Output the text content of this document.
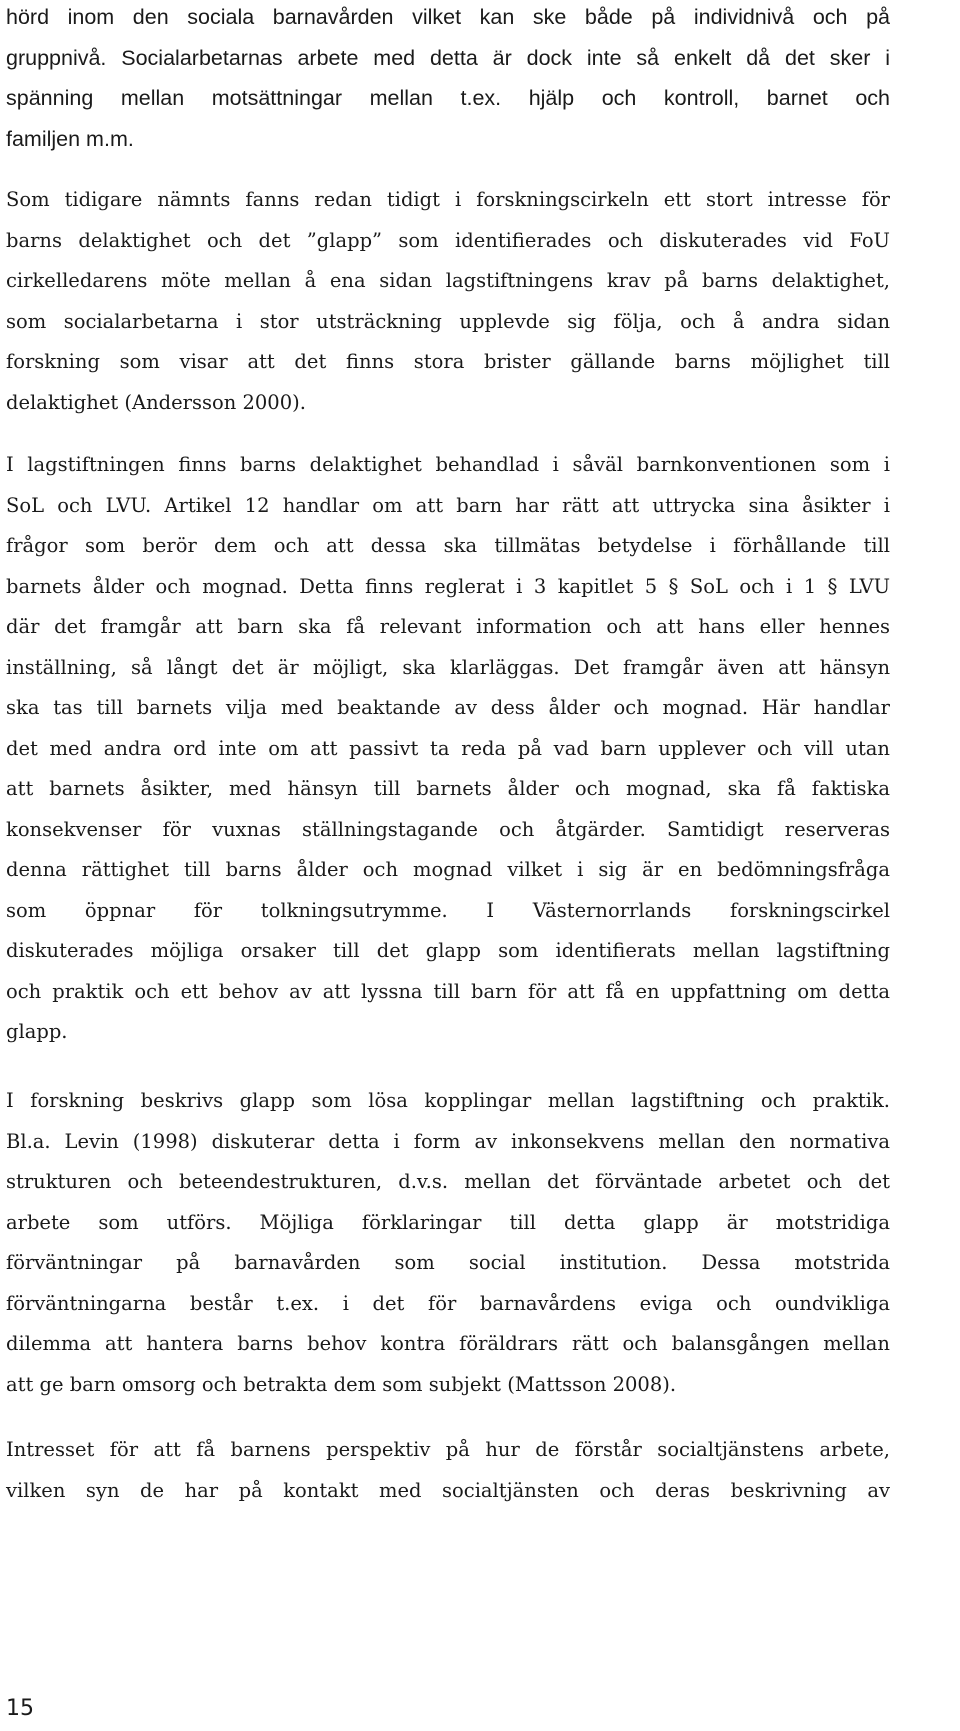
hörd inom den sociala barnavården vilket kan ske både på individnivå och på
gruppnivå. Socialarbetarnas arbete med detta är dock inte så enkelt då det sker i
spänning mellan motsättningar mellan t.ex. hjälp och kontroll, barnet och
familjen m.m.
Som tidigare nämnts fanns redan tidigt i forskningscirkeln ett stort intresse för
barns delaktighet och det ”glapp” som identifierades och diskuterades vid FoU
cirkelledarens möte mellan å ena sidan lagstiftningens krav på barns delaktighet,
som socialarbetarna i stor utsträckning upplevde sig följa, och å andra sidan
forskning som visar att det finns stora brister gällande barns möjlighet till
delaktighet (Andersson 2000).
I lagstiftningen finns barns delaktighet behandlad i såväl barnkonventionen som i
SoL och LVU. Artikel 12 handlar om att barn har rätt att uttrycka sina åsikter i
frågor som berör dem och att dessa ska tillmätas betydelse i förhållande till
barnets ålder och mognad. Detta finns reglerat i 3 kapitlet 5 § SoL och i 1 § LVU
där det framgår att barn ska få relevant information och att hans eller hennes
inställning, så långt det är möjligt, ska klarläggas. Det framgår även att hänsyn
ska tas till barnets vilja med beaktande av dess ålder och mognad. Här handlar
det med andra ord inte om att passivt ta reda på vad barn upplever och vill utan
att barnets åsikter, med hänsyn till barnets ålder och mognad, ska få faktiska
konsekvenser för vuxnas ställningstagande och åtgärder. Samtidigt reserveras
denna rättighet till barns ålder och mognad vilket i sig är en bedömningsfråga
som öppnar för tolkningsutrymme. I Västernorrlands forskningscirkel
diskuterades möjliga orsaker till det glapp som identifierats mellan lagstiftning
och praktik och ett behov av att lyssna till barn för att få en uppfattning om detta
glapp.
I forskning beskrivs glapp som lösa kopplingar mellan lagstiftning och praktik.
Bl.a. Levin (1998) diskuterar detta i form av inkonsekvens mellan den normativa
strukturen och beteendestrukturen, d.v.s. mellan det förväntade arbetet och det
arbete som utförs. Möjliga förklaringar till detta glapp är motstridiga
förväntningar på barnavården som social institution. Dessa motstrida
förväntningarna består t.ex. i det för barnavårdens eviga och oundvikliga
dilemma att hantera barns behov kontra föräldrars rätt och balansgången mellan
att ge barn omsorg och betrakta dem som subjekt (Mattsson 2008).
Intresset för att få barnens perspektiv på hur de förstår socialtjänstens arbete,
vilken syn de har på kontakt med socialtjänsten och deras beskrivning av
15
